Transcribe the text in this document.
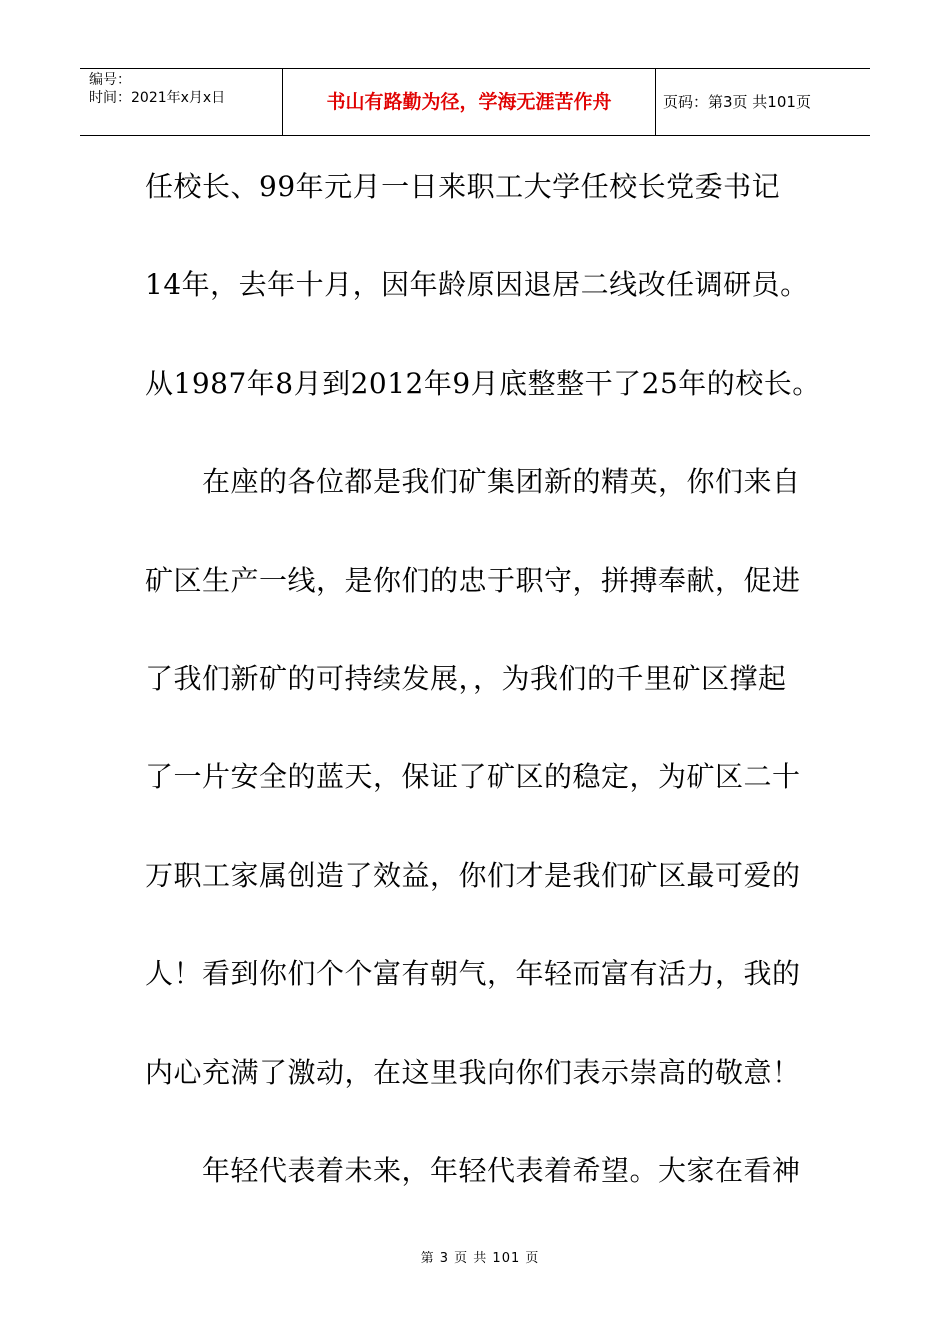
编号：
时间：2021年x月x日	书山有路勤为径，学海无涯苦作舟	页码：第3页 共101页
任校长、99年元月一日来职工大学任校长党委书记
14年，去年十月，因年龄原因退居二线改任调研员。
从1987年8月到2012年9月底整整干了25年的校长。
在座的各位都是我们矿集团新的精英，你们来自
矿区生产一线，是你们的忠于职守，拼搏奉献，促进
了我们新矿的可持续发展，，为我们的千里矿区撑起
了一片安全的蓝天，保证了矿区的稳定，为矿区二十
万职工家属创造了效益，你们才是我们矿区最可爱的
人！看到你们个个富有朝气，年轻而富有活力，我的
内心充满了激动，在这里我向你们表示崇高的敬意！
年轻代表着未来，年轻代表着希望。大家在看神
第 3 页 共 101 页
